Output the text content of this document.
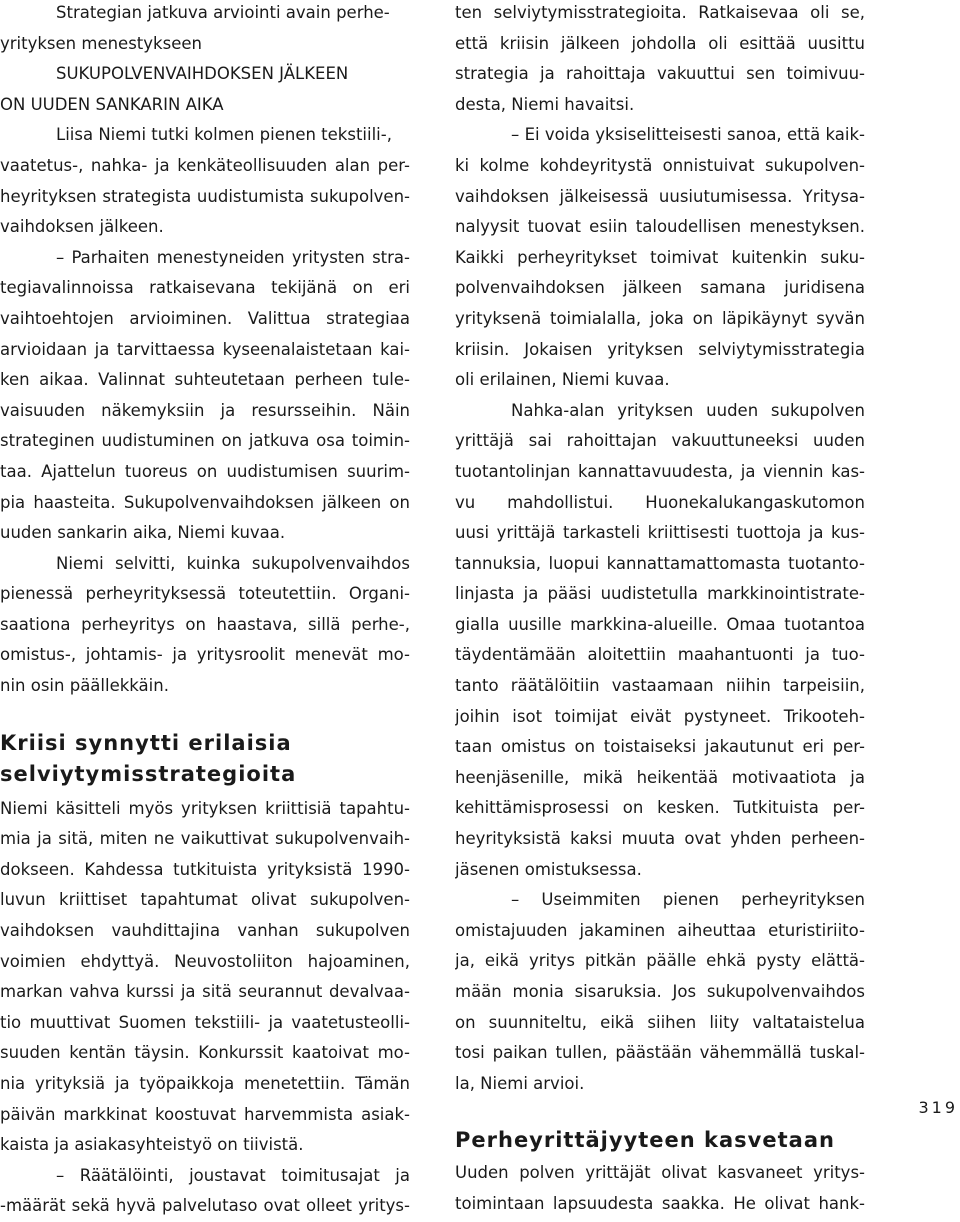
Strategian jatkuva arviointi avain perhe-
yrityksen menestykseen
SUKUPOLVENVAIHDOKSEN JÄLKEEN
ON UUDEN SANKARIN AIKA
Liisa Niemi tutki kolmen pienen tekstiili-,
vaatetus-, nahka- ja kenkäteollisuuden alan per-
heyrityksen strategista uudistumista sukupolven-
vaihdoksen jälkeen.
– Parhaiten menestyneiden yritysten stra-
tegiavalinnoissa ratkaisevana tekijänä on eri
vaihtoehtojen arvioiminen. Valittua strategiaa
arvioidaan ja tarvittaessa kyseenalaistetaan kai-
ken aikaa. Valinnat suhteutetaan perheen tule-
vaisuuden näkemyksiin ja resursseihin. Näin
strateginen uudistuminen on jatkuva osa toimin-
taa. Ajattelun tuoreus on uudistumisen suurim-
pia haasteita. Sukupolvenvaihdoksen jälkeen on
uuden sankarin aika, Niemi kuvaa.
Niemi selvitti, kuinka sukupolvenvaihdos
pienessä perheyrityksessä toteutettiin. Organi-
saationa perheyritys on haastava, sillä perhe-,
omistus-, johtamis- ja yritysroolit menevät mo-
nin osin päällekkäin.
Kriisi synnytti erilaisia
selviytymisstrategioita
Niemi käsitteli myös yrityksen kriittisiä tapahtu-
mia ja sitä, miten ne vaikuttivat sukupolvenvaih-
dokseen. Kahdessa tutkituista yrityksistä 1990-
luvun kriittiset tapahtumat olivat sukupolven-
vaihdoksen vauhdittajina vanhan sukupolven
voimien ehdyttyä. Neuvostoliiton hajoaminen,
markan vahva kurssi ja sitä seurannut devalvaa-
tio muuttivat Suomen tekstiili- ja vaatetusteolli-
suuden kentän täysin. Konkurssit kaatoivat mo-
nia yrityksiä ja työpaikkoja menetettiin. Tämän
päivän markkinat koostuvat harvemmista asiak-
kaista ja asiakasyhteistyö on tiivistä.
– Räätälöinti, joustavat toimitusajat ja
-määrät sekä hyvä palvelutaso ovat olleet yritys-
ten selviytymisstrategioita. Ratkaisevaa oli se,
että kriisin jälkeen johdolla oli esittää uusittu
strategia ja rahoittaja vakuuttui sen toimivuu-
desta, Niemi havaitsi.
– Ei voida yksiselitteisesti sanoa, että kaik-
ki kolme kohdeyritystä onnistuivat sukupolven-
vaihdoksen jälkeisessä uusiutumisessa. Yritysa-
nalyysit tuovat esiin taloudellisen menestyksen.
Kaikki perheyritykset toimivat kuitenkin suku-
polvenvaihdoksen jälkeen samana juridisena
yrityksenä toimialalla, joka on läpikäynyt syvän
kriisin. Jokaisen yrityksen selviytymisstrategia
oli erilainen, Niemi kuvaa.
Nahka-alan yrityksen uuden sukupolven
yrittäjä sai rahoittajan vakuuttuneeksi uuden
tuotantolinjan kannattavuudesta, ja viennin kas-
vu mahdollistui. Huonekalukangaskutomon
uusi yrittäjä tarkasteli kriittisesti tuottoja ja kus-
tannuksia, luopui kannattamattomasta tuotanto-
linjasta ja pääsi uudistetulla markkinointistrate-
gialla uusille markkina-alueille. Omaa tuotantoa
täydentämään aloitettiin maahantuonti ja tuo-
tanto räätälöitiin vastaamaan niihin tarpeisiin,
joihin isot toimijat eivät pystyneet. Trikooteh-
taan omistus on toistaiseksi jakautunut eri per-
heenjäsenille, mikä heikentää motivaatiota ja
kehittämisprosessi on kesken. Tutkituista per-
heyrityksistä kaksi muuta ovat yhden perheen-
jäsenen omistuksessa.
– Useimmiten pienen perheyrityksen
omistajuuden jakaminen aiheuttaa eturistiriito-
ja, eikä yritys pitkän päälle ehkä pysty elättä-
mään monia sisaruksia. Jos sukupolvenvaihdos
on suunniteltu, eikä siihen liity valtataistelua
tosi paikan tullen, päästään vähemmällä tuskal-
la, Niemi arvioi.
Perheyrittäjyyteen kasvetaan
Uuden polven yrittäjät olivat kasvaneet yritys-
toimintaan lapsuudesta saakka. He olivat hank-
319
